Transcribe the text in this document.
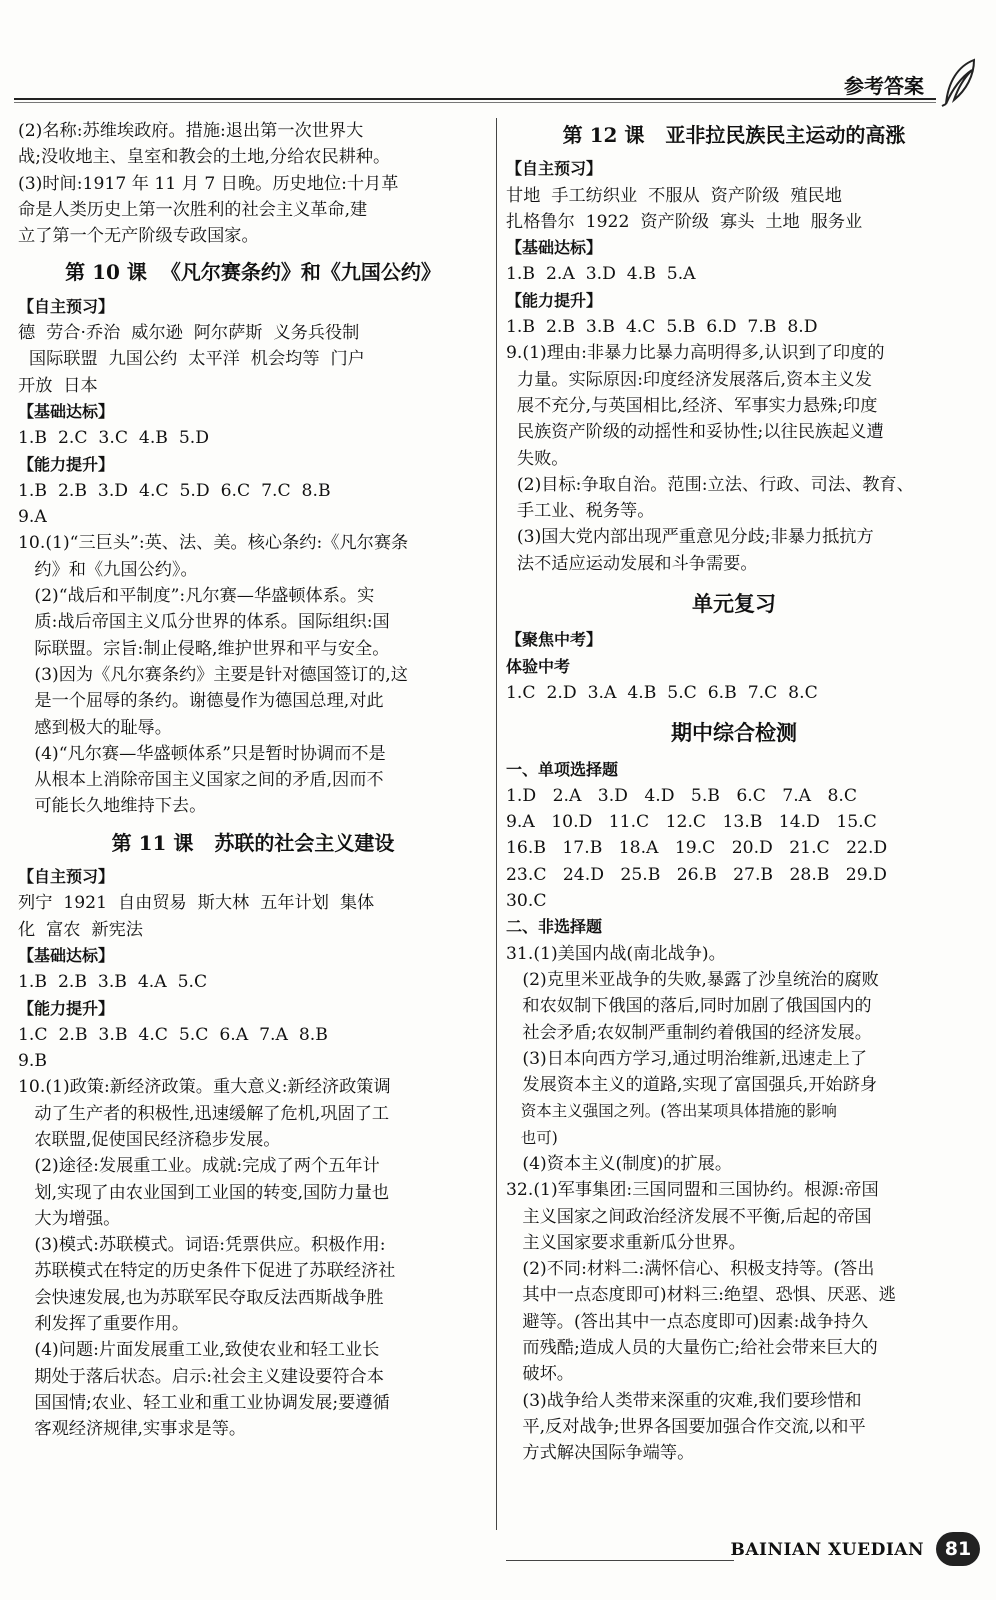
参考答案
(2)名称:苏维埃政府。措施:退出第一次世界大
战;没收地主、皇室和教会的土地,分给农民耕种。
(3)时间:1917 年 11 月 7 日晚。历史地位:十月革
命是人类历史上第一次胜利的社会主义革命,建
立了第一个无产阶级专政国家。
第 10 课  《凡尔赛条约》和《九国公约》
【自主预习】
德  劳合·乔治  威尔逊  阿尔萨斯  义务兵役制
国际联盟  九国公约  太平洋  机会均等  门户
开放  日本
【基础达标】
1.B  2.C  3.C  4.B  5.D
【能力提升】
1.B  2.B  3.D  4.C  5.D  6.C  7.C  8.B
9.A
10.(1)“三巨头”:英、法、美。核心条约:《凡尔赛条
约》和《九国公约》。
(2)“战后和平制度”:凡尔赛—华盛顿体系。实
质:战后帝国主义瓜分世界的体系。国际组织:国
际联盟。宗旨:制止侵略,维护世界和平与安全。
(3)因为《凡尔赛条约》主要是针对德国签订的,这
是一个屈辱的条约。谢德曼作为德国总理,对此
感到极大的耻辱。
(4)“凡尔赛—华盛顿体系”只是暂时协调而不是
从根本上消除帝国主义国家之间的矛盾,因而不
可能长久地维持下去。
第 11 课   苏联的社会主义建设
【自主预习】
列宁  1921  自由贸易  斯大林  五年计划  集体
化  富农  新宪法
【基础达标】
1.B  2.B  3.B  4.A  5.C
【能力提升】
1.C  2.B  3.B  4.C  5.C  6.A  7.A  8.B
9.B
10.(1)政策:新经济政策。重大意义:新经济政策调
动了生产者的积极性,迅速缓解了危机,巩固了工
农联盟,促使国民经济稳步发展。
(2)途径:发展重工业。成就:完成了两个五年计
划,实现了由农业国到工业国的转变,国防力量也
大为增强。
(3)模式:苏联模式。词语:凭票供应。积极作用:
苏联模式在特定的历史条件下促进了苏联经济社
会快速发展,也为苏联军民夺取反法西斯战争胜
利发挥了重要作用。
(4)问题:片面发展重工业,致使农业和轻工业长
期处于落后状态。启示:社会主义建设要符合本
国国情;农业、轻工业和重工业协调发展;要遵循
客观经济规律,实事求是等。
第 12 课   亚非拉民族民主运动的高涨
【自主预习】
甘地  手工纺织业  不服从  资产阶级  殖民地
扎格鲁尔  1922  资产阶级  寡头  土地  服务业
【基础达标】
1.B  2.A  3.D  4.B  5.A
【能力提升】
1.B  2.B  3.B  4.C  5.B  6.D  7.B  8.D
9.(1)理由:非暴力比暴力高明得多,认识到了印度的
力量。实际原因:印度经济发展落后,资本主义发
展不充分,与英国相比,经济、军事实力悬殊;印度
民族资产阶级的动摇性和妥协性;以往民族起义遭
失败。
(2)目标:争取自治。范围:立法、行政、司法、教育、
手工业、税务等。
(3)国大党内部出现严重意见分歧;非暴力抵抗方
法不适应运动发展和斗争需要。
单元复习
【聚焦中考】
体验中考
1.C  2.D  3.A  4.B  5.C  6.B  7.C  8.C
期中综合检测
一、单项选择题
1.D   2.A   3.D   4.D   5.B   6.C   7.A   8.C
9.A   10.D   11.C   12.C   13.B   14.D   15.C
16.B   17.B   18.A   19.C   20.D   21.C   22.D
23.C   24.D   25.B   26.B   27.B   28.B   29.D
30.C
二、非选择题
31.(1)美国内战(南北战争)。
(2)克里米亚战争的失败,暴露了沙皇统治的腐败
和农奴制下俄国的落后,同时加剧了俄国国内的
社会矛盾;农奴制严重制约着俄国的经济发展。
(3)日本向西方学习,通过明治维新,迅速走上了
发展资本主义的道路,实现了富国强兵,开始跻身
资本主义强国之列。(答出某项具体措施的影响
也可)
(4)资本主义(制度)的扩展。
32.(1)军事集团:三国同盟和三国协约。根源:帝国
主义国家之间政治经济发展不平衡,后起的帝国
主义国家要求重新瓜分世界。
(2)不同:材料二:满怀信心、积极支持等。(答出
其中一点态度即可)材料三:绝望、恐惧、厌恶、逃
避等。(答出其中一点态度即可)因素:战争持久
而残酷;造成人员的大量伤亡;给社会带来巨大的
破坏。
(3)战争给人类带来深重的灾难,我们要珍惜和
平,反对战争;世界各国要加强合作交流,以和平
方式解决国际争端等。
BAINIAN XUEDIAN	81
